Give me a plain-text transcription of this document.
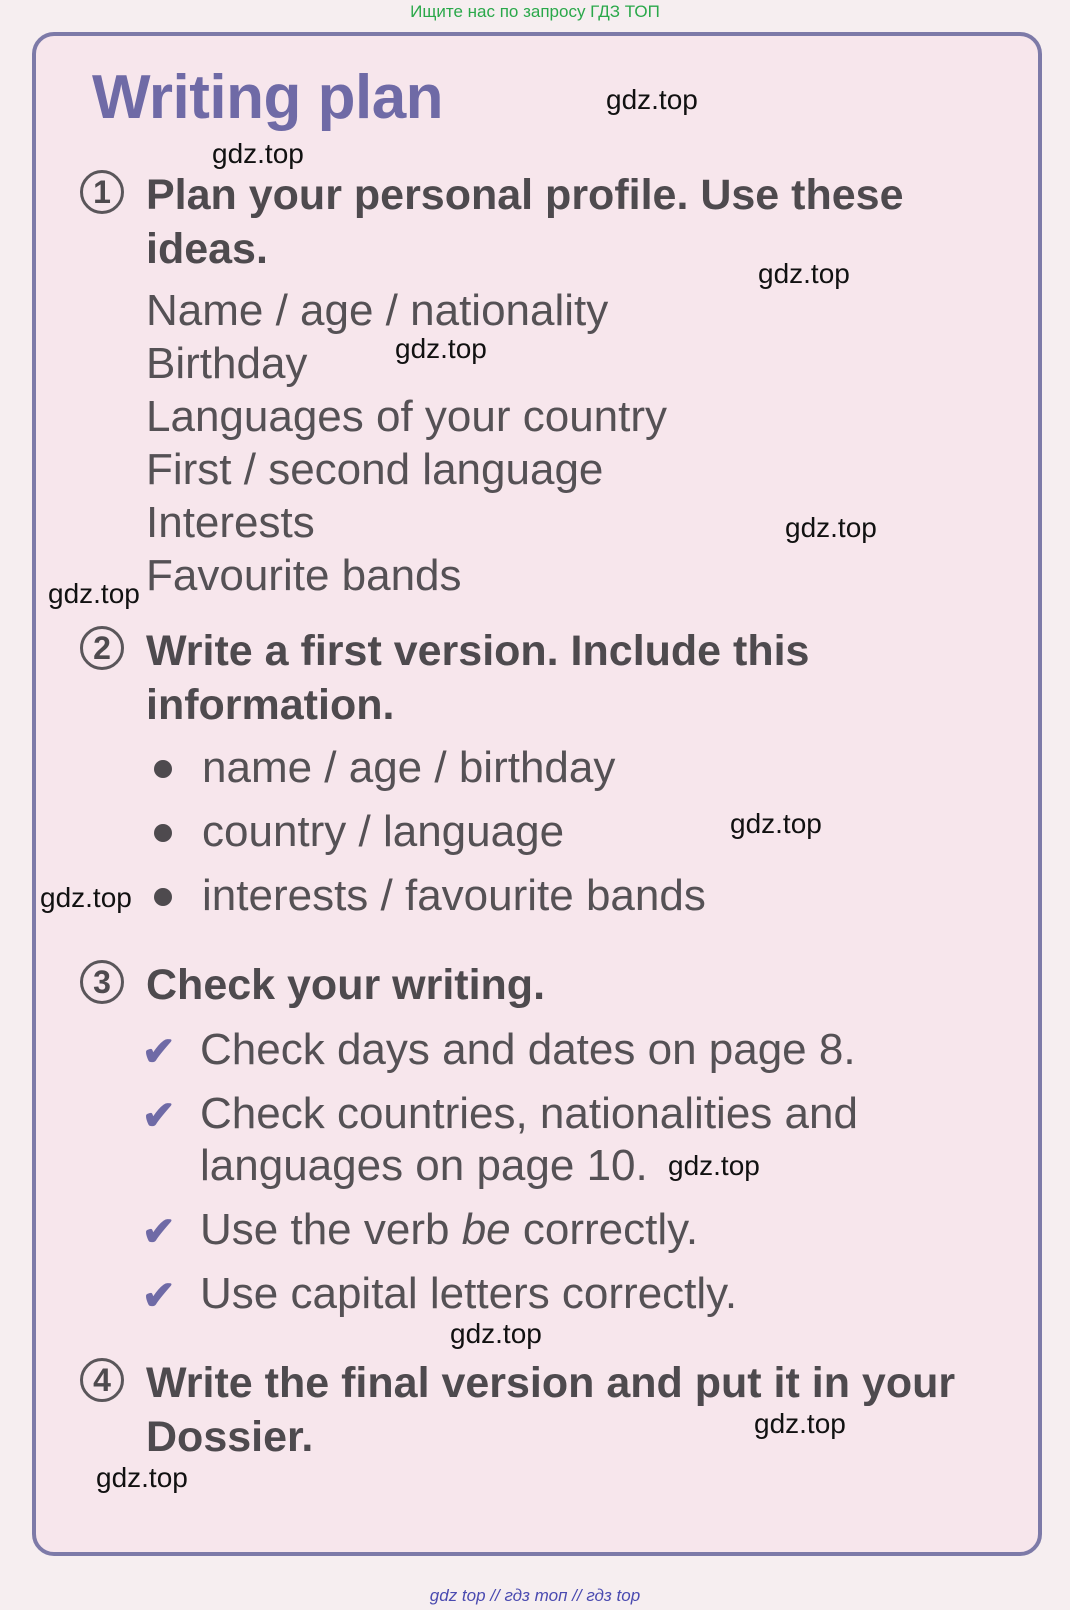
Ищите нас по запросу ГДЗ ТОП
Writing plan
1 Plan your personal profile. Use these ideas.
Name / age / nationality
Birthday
Languages of your country
First / second language
Interests
Favourite bands
2 Write a first version. Include this information.
name / age / birthday
country / language
interests / favourite bands
3 Check your writing.
✔ Check days and dates on page 8.
✔ Check countries, nationalities and languages on page 10.
✔ Use the verb be correctly.
✔ Use capital letters correctly.
4 Write the final version and put it in your Dossier.
gdz.top
gdz.top
gdz.top
gdz.top
gdz.top
gdz.top
gdz.top
gdz.top
gdz.top
gdz.top
gdz.top
gdz.top
gdz top // гдз топ // гдз top
